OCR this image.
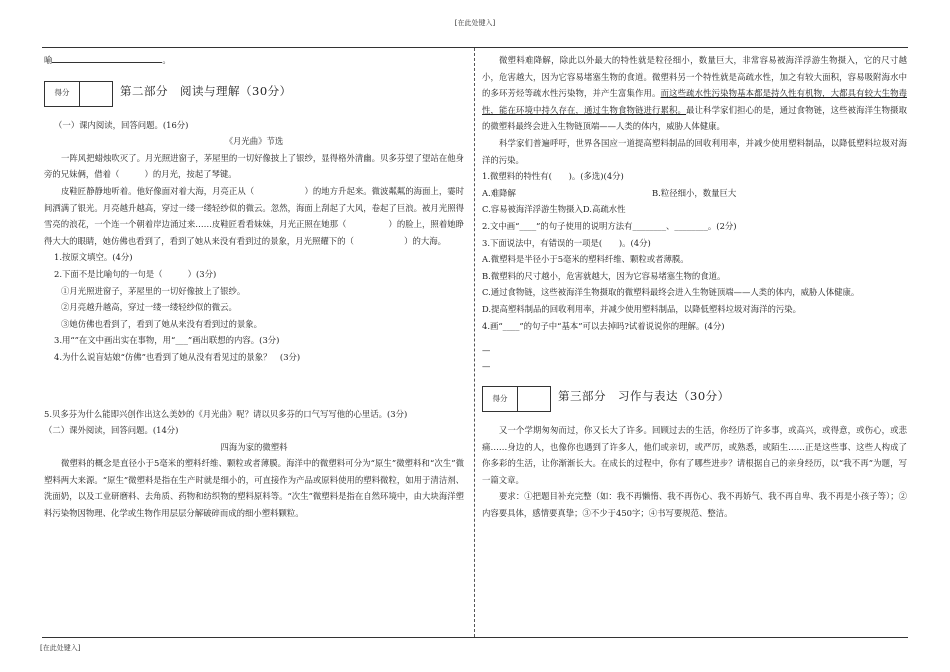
[在此处键入]

喻	。

得分	第二部分　阅读与理解（30分）

（一）课内阅读，回答问题。(16分)

《月光曲》节选

一阵风把蜡烛吹灭了。月光照进窗子，茅屋里的一切好像披上了银纱，显得格外清幽。贝多芬望了望站在他身旁的兄妹俩，借着（　　　）的月光，按起了琴键。

皮鞋匠静静地听着。他好像面对着大海，月亮正从（　　　　　　）的地方升起来。微波粼粼的海面上，霎时间洒满了银光。月亮越升越高，穿过一缕一缕轻纱似的微云。忽然，海面上刮起了大风，卷起了巨浪。被月光照得雪亮的浪花，一个连一个朝着岸边涌过来……皮鞋匠看看妹妹，月光正照在她那（　　　　　）的脸上，照着她睁得大大的眼睛，她仿佛也看到了，看到了她从来没有看到过的景象，月光照耀下的（　　　　　　）的大海。

1.按原文填空。(4分)

2.下面不是比喻句的一句是（　　　）(3分)

①月光照进窗子，茅屋里的一切好像披上了银纱。

②月亮越升越高，穿过一缕一缕轻纱似的微云。

③她仿佛也看到了，看到了她从来没有看到过的景象。

3.用“”在文中画出实在事物，用“___”画出联想的内容。(3分)

4.为什么说盲姑娘“仿佛”也看到了她从没有看见过的景象？　(3分)

5.贝多芬为什么能即兴创作出这么美妙的《月光曲》呢？请以贝多芬的口气写写他的心里话。(3分)

（二）课外阅读，回答问题。(14分)

四海为家的微塑料

微塑料的概念是直径小于5毫米的塑料纤维、颗粒或者薄膜。海洋中的微塑料可分为“原生”微塑料和“次生”微塑料两大来源。“原生”微塑料是指在生产时就是细小的，可直接作为产品或原料使用的塑料微粒，如用于清洁剂、洗面奶，以及工业研磨料、去角质、药物和纺织物的塑料原料等。“次生”微塑料是指在自然环境中，由大块海洋塑料污染物因物理、化学或生物作用层层分解破碎而成的细小塑料颗粒。

微塑料难降解，除此以外最大的特性就是粒径细小，数量巨大，非常容易被海洋浮游生物摄入，它的尺寸越小，危害越大，因为它容易堵塞生物的食道。微塑料另一个特性就是高疏水性，加之有较大面积，容易吸附海水中的多环芳烃等疏水性污染物，并产生富集作用。而这些疏水性污染物基本都是持久性有机物，大都具有较大生物毒性，能在环境中持久存在，通过生物食物链进行累积。最让科学家们担心的是，通过食物链，这些被海洋生物摄取的微塑料最终会进入生物链顶端——人类的体内，威胁人体健康。

科学家们普遍呼吁，世界各国应一道提高塑料制品的回收利用率，并减少使用塑料制品，以降低塑料垃圾对海洋的污染。

1.微塑料的特性有(　　)。(多选)(4分)

A.难降解	B.粒径细小，数量巨大

C.容易被海洋浮游生物摄入D.高疏水性

2.文中画“____”的句子使用的说明方法有________、________。(2分)

3.下面说法中，有错误的一项是(　　)。(4分)

A.微塑料是半径小于5毫米的塑料纤维、颗粒或者薄膜。

B.微塑料的尺寸越小，危害就越大，因为它容易堵塞生物的食道。

C.通过食物链，这些被海洋生物摄取的微塑料最终会进入生物链顶端——人类的体内，威胁人体健康。

D.提高塑料制品的回收利用率，并减少使用塑料制品，以降低塑料垃圾对海洋的污染。

4.画“____”的句子中“基本”可以去掉吗?试着说说你的理解。(4分)

—

—

得分	第三部分　习作与表达（30分）

又一个学期匆匆而过，你又长大了许多。回顾过去的生活，你经历了许多事，或高兴，或得意，或伤心，或悲痛……身边的人，也像你也遇到了许多人，他们或亲切，或严厉，或熟悉，或陌生……正是这些事、这些人构成了你多彩的生活，让你渐渐长大。在成长的过程中，你有了哪些进步？请根据自己的亲身经历，以“我不再”为题，写一篇文章。

要求：①把题目补充完整（如：我不再懒惰、我不再伤心、我不再娇气、我不再自卑、我不再是小孩子等）；②内容要具体，感情要真挚；③不少于450字；④书写要规范、整洁。

[在此处键入]
